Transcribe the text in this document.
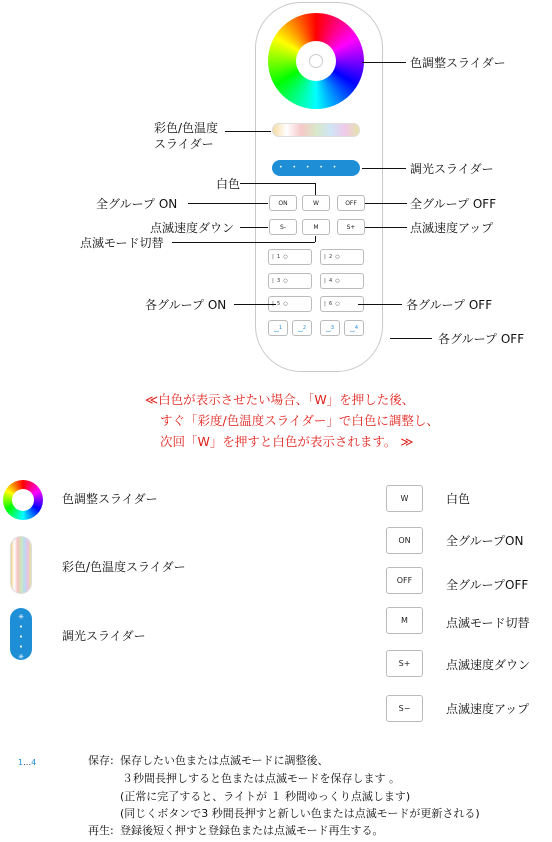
• • • • • • • ● ✳
ON	W	OFF
S-	M	S+
|  1  ○	|  2  ○
|  3  ○	|  4  ○
|  5  ○	|  6  ○
⌴$^1$	⌴$^2$	⌴$^3$	⌴$^4$
色調整スライダー
彩色/色温度
スライダー
調光スライダー
白色
全グループ ON	全グループ OFF
点滅速度ダウン	点滅速度アップ
点滅モード切替
各グループ ON	各グループ OFF
各グループ OFF
≪白色が表示させたい場合、「W」を押した後、
すぐ「彩度/色温度スライダー」で白色に調整し、
次回「W」を押すと白色が表示されます。 ≫
色調整スライダー
彩色/色温度スライダー
✳
•
•
•
✳
調光スライダー
W	白色
ON	全グループON
OFF	全グループOFF
M	点滅モード切替
S+	点滅速度ダウン
S−	点滅速度アップ
1…4	保存: 保存したい色または点滅モードに調整後、
３秒間長押しすると色または点滅モードを保存します 。
(正常に完了すると、ライトが １ 秒間ゆっくり点滅します)
(同じくボタンで3 秒間長押すと新しい色または点滅モードが更新される)
再生: 登録後短く押すと登録色または点滅モード再生する。
